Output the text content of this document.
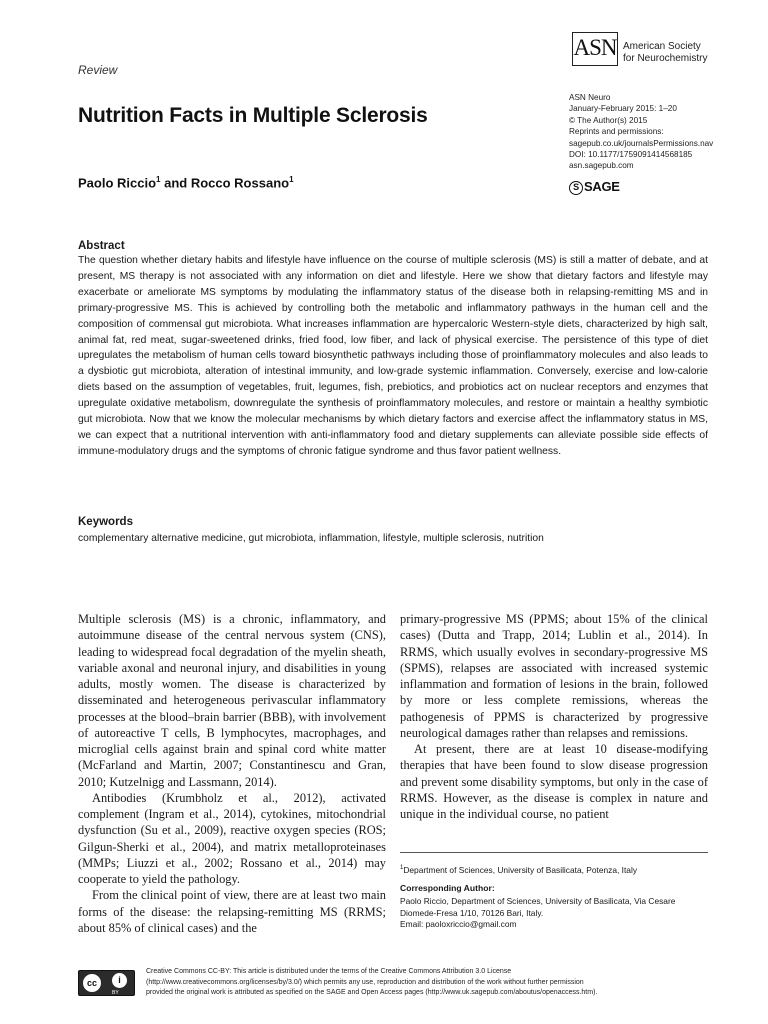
Review
ASN American Society
for Neurochemistry
Nutrition Facts in Multiple Sclerosis
Paolo Riccio$^1$ and Rocco Rossano$^1$
ASN Neuro
January-February 2015: 1–20
© The Author(s) 2015
Reprints and permissions:
sagepub.co.uk/journalsPermissions.nav
DOI: 10.1177/1759091414568185
asn.sagepub.com
S SAGE
Abstract
The question whether dietary habits and lifestyle have influence on the course of multiple sclerosis (MS) is still a matter of debate, and at present, MS therapy is not associated with any information on diet and lifestyle. Here we show that dietary factors and lifestyle may exacerbate or ameliorate MS symptoms by modulating the inflammatory status of the disease both in relapsing-remitting MS and in primary-progressive MS. This is achieved by controlling both the metabolic and inflammatory pathways in the human cell and the composition of commensal gut microbiota. What increases inflammation are hypercaloric Western-style diets, characterized by high salt, animal fat, red meat, sugar-sweetened drinks, fried food, low fiber, and lack of physical exercise. The persistence of this type of diet upregulates the metabolism of human cells toward biosynthetic pathways including those of proinflammatory molecules and also leads to a dysbiotic gut microbiota, alteration of intestinal immunity, and low-grade systemic inflammation. Conversely, exercise and low-calorie diets based on the assumption of vegetables, fruit, legumes, fish, prebiotics, and probiotics act on nuclear receptors and enzymes that upregulate oxidative metabolism, downregulate the synthesis of proinflammatory molecules, and restore or maintain a healthy symbiotic gut microbiota. Now that we know the molecular mechanisms by which dietary factors and exercise affect the inflammatory status in MS, we can expect that a nutritional intervention with anti-inflammatory food and dietary supplements can alleviate possible side effects of immune-modulatory drugs and the symptoms of chronic fatigue syndrome and thus favor patient wellness.
Keywords
complementary alternative medicine, gut microbiota, inflammation, lifestyle, multiple sclerosis, nutrition

Multiple sclerosis (MS) is a chronic, inflammatory, and autoimmune disease of the central nervous system (CNS), leading to widespread focal degradation of the myelin sheath, variable axonal and neuronal injury, and disabilities in young adults, mostly women. The disease is characterized by disseminated and heterogeneous perivascular inflammatory processes at the blood–brain barrier (BBB), with involvement of autoreactive T cells, B lymphocytes, macrophages, and microglial cells against brain and spinal cord white matter (McFarland and Martin, 2007; Constantinescu and Gran, 2010; Kutzelnigg and Lassmann, 2014).

Antibodies (Krumbholz et al., 2012), activated complement (Ingram et al., 2014), cytokines, mitochondrial dysfunction (Su et al., 2009), reactive oxygen species (ROS; Gilgun-Sherki et al., 2004), and matrix metalloproteinases (MMPs; Liuzzi et al., 2002; Rossano et al., 2014) may cooperate to yield the pathology.

From the clinical point of view, there are at least two main forms of the disease: the relapsing-remitting MS (RRMS; about 85% of clinical cases) and the

primary-progressive MS (PPMS; about 15% of the clinical cases) (Dutta and Trapp, 2014; Lublin et al., 2014). In RRMS, which usually evolves in secondary-progressive MS (SPMS), relapses are associated with increased systemic inflammation and formation of lesions in the brain, followed by more or less complete remissions, whereas the pathogenesis of PPMS is characterized by progressive neurological damages rather than relapses and remissions.

At present, there are at least 10 disease-modifying therapies that have been found to slow disease progression and prevent some disability symptoms, but only in the case of RRMS. However, as the disease is complex in nature and unique in the individual course, no patient

$^1$Department of Sciences, University of Basilicata, Potenza, Italy
Corresponding Author:
Paolo Riccio, Department of Sciences, University of Basilicata, Via Cesare
Diomede-Fresa 1/10, 70126 Bari, Italy.
Email: paoloxriccio@gmail.com
cc	i
BY
Creative Commons CC-BY: This article is distributed under the terms of the Creative Commons Attribution 3.0 License
(http://www.creativecommons.org/licenses/by/3.0/) which permits any use, reproduction and distribution of the work without further permission
provided the original work is attributed as specified on the SAGE and Open Access pages (http://www.uk.sagepub.com/aboutus/openaccess.htm).
